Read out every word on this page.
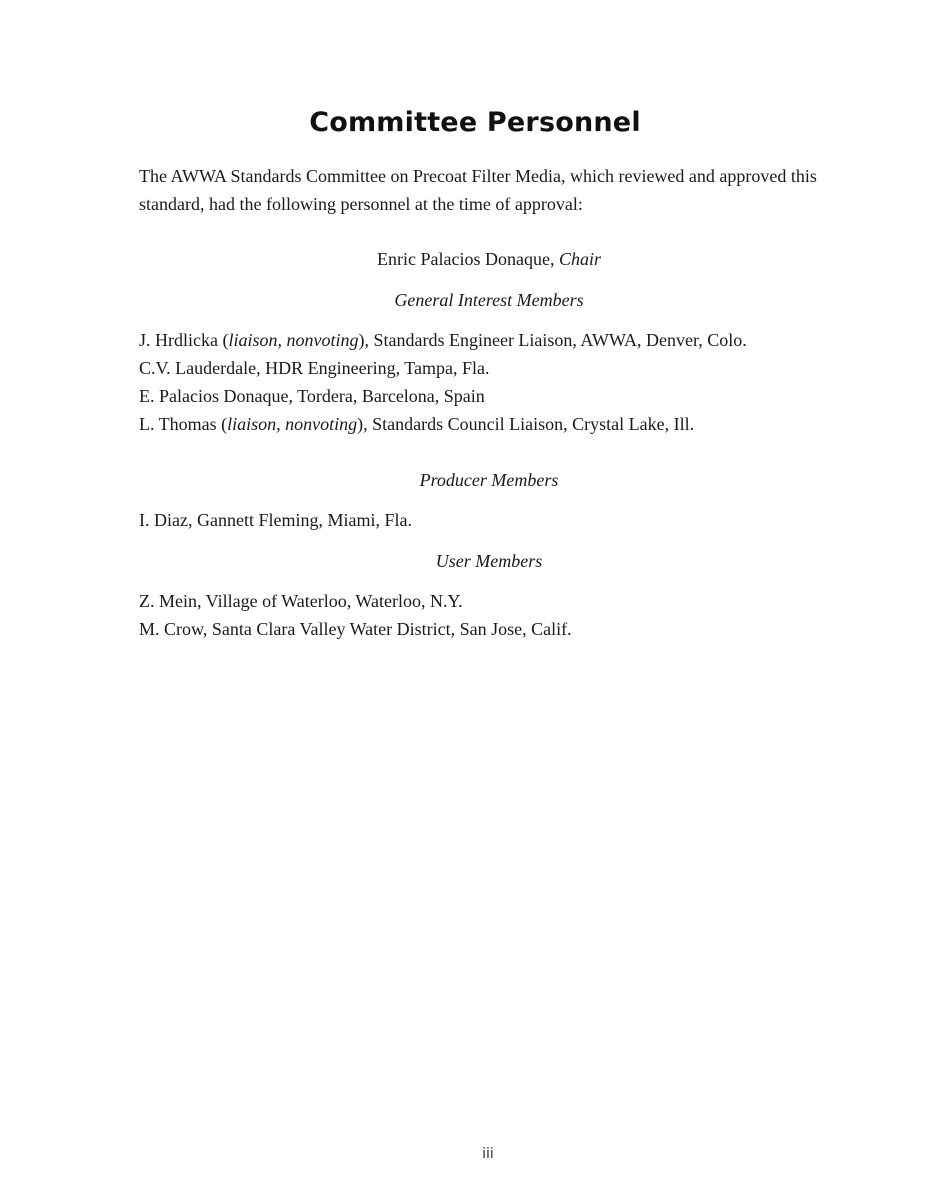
Committee Personnel

The AWWA Standards Committee on Precoat Filter Media, which reviewed and approved this standard, had the following personnel at the time of approval:

Enric Palacios Donaque, Chair
General Interest Members
J. Hrdlicka (liaison, nonvoting), Standards Engineer Liaison, AWWA, Denver, Colo.
C.V. Lauderdale, HDR Engineering, Tampa, Fla.
E. Palacios Donaque, Tordera, Barcelona, Spain
L. Thomas (liaison, nonvoting), Standards Council Liaison, Crystal Lake, Ill.
Producer Members
I. Diaz, Gannett Fleming, Miami, Fla.
User Members
Z. Mein, Village of Waterloo, Waterloo, N.Y.
M. Crow, Santa Clara Valley Water District, San Jose, Calif.
iii
